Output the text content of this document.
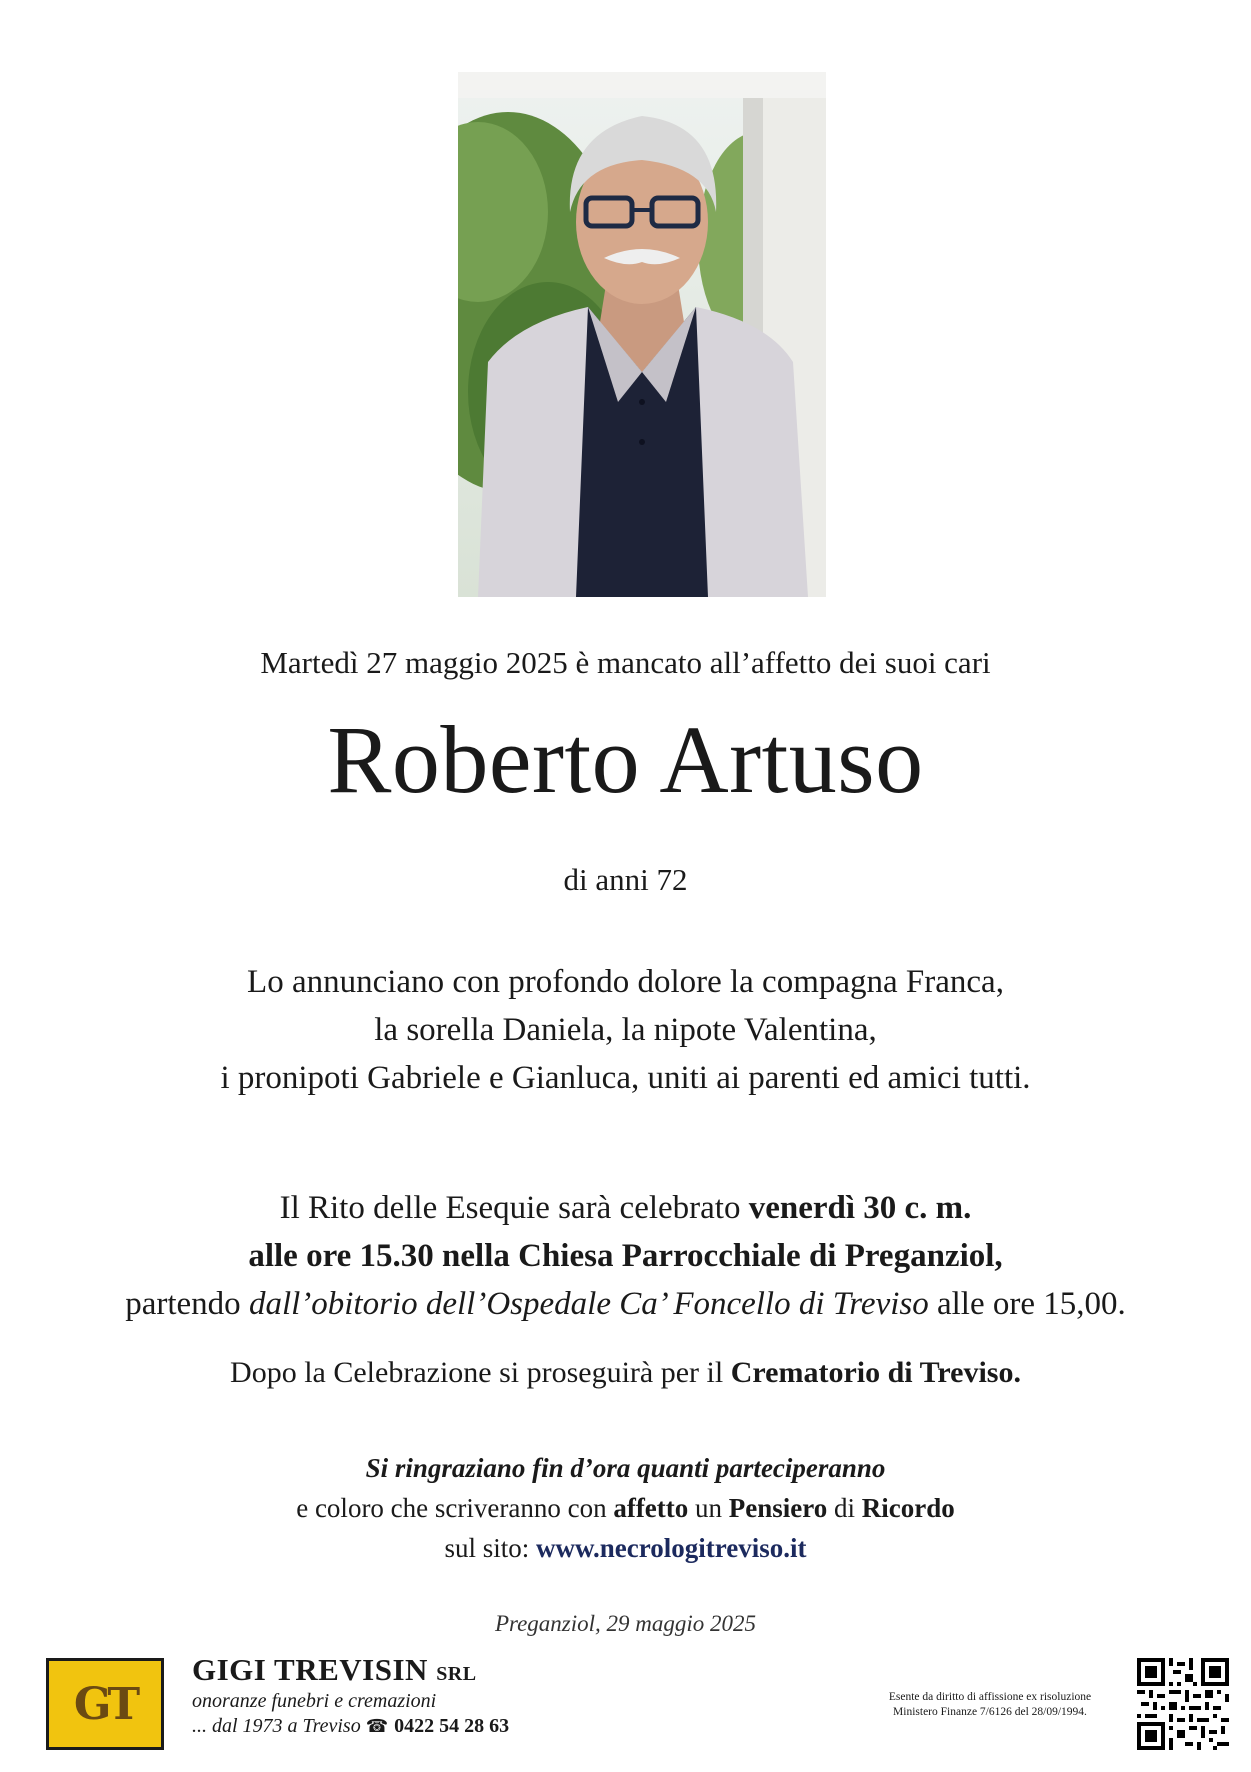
Martedì 27 maggio 2025 è mancato all’affetto dei suoi cari
Roberto Artuso
di anni 72
Lo annunciano con profondo dolore la compagna Franca,
la sorella Daniela, la nipote Valentina,
i pronipoti Gabriele e Gianluca, uniti ai parenti ed amici tutti.
Il Rito delle Esequie sarà celebrato venerdì 30 c. m.
alle ore 15.30 nella Chiesa Parrocchiale di Preganziol,
partendo dall’obitorio dell’Ospedale Ca’ Foncello di Treviso alle ore 15,00.
Dopo la Celebrazione si proseguirà per il Crematorio di Treviso.
Si ringraziano fin d’ora quanti parteciperanno
e coloro che scriveranno con affetto un Pensiero di Ricordo
sul sito: www.necrologitreviso.it
Preganziol, 29 maggio 2025
GT
GIGI TREVISIN SRL
onoranze funebri e cremazioni
... dal 1973 a Treviso ☎ 0422 54 28 63
Esente da diritto di affissione ex risoluzione
Ministero Finanze 7/6126 del 28/09/1994.
